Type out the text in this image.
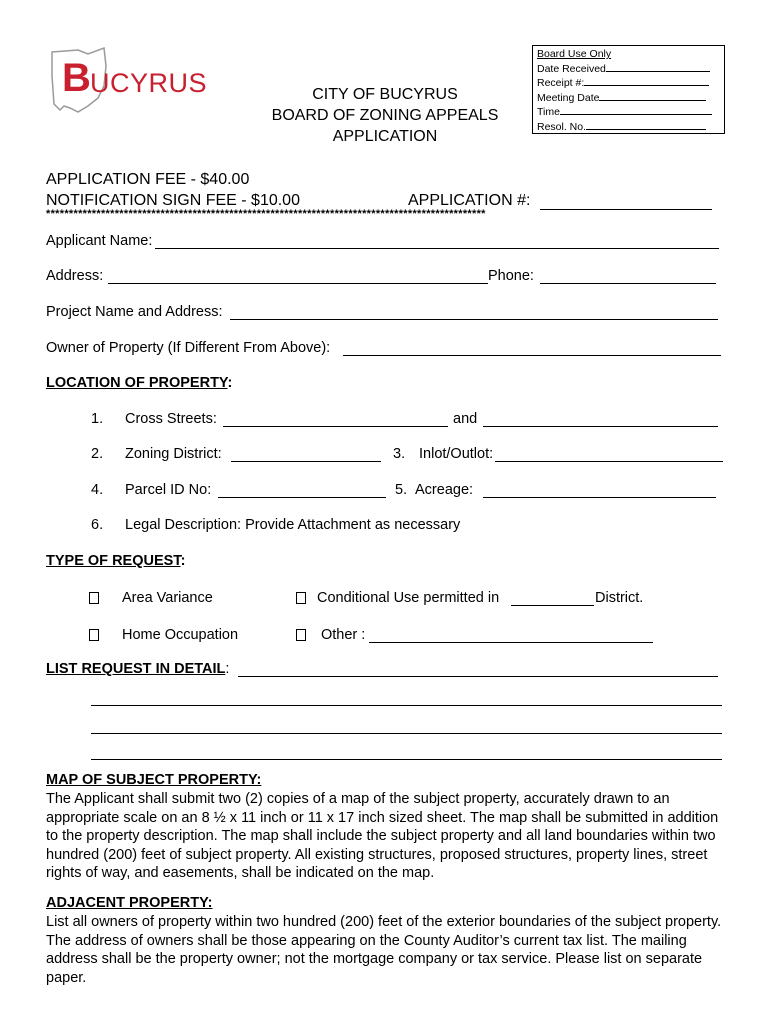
B UCYRUS	CITY OF BUCYRUS
BOARD OF ZONING APPEALS
APPLICATION
Board Use Only
Date Received
Receipt #:
Meeting Date
Time
Resol. No.
APPLICATION FEE - $40.00
NOTIFICATION SIGN FEE - $10.00	APPLICATION #:
************************************************************************************************
Applicant Name:
Address:	Phone:
Project Name and Address:
Owner of Property (If Different From Above):
LOCATION OF PROPERTY:
1. Cross Streets:	and
2. Zoning District:	3. Inlot/Outlot:
4. Parcel ID No:	5. Acreage:
6. Legal Description: Provide Attachment as necessary
TYPE OF REQUEST:
Area Variance	Conditional Use permitted in	District.
Home Occupation	Other :
LIST REQUEST IN DETAIL:
MAP OF SUBJECT PROPERTY:
The Applicant shall submit two (2) copies of a map of the subject property, accurately drawn to an appropriate scale on an 8 ½ x 11 inch or 11 x 17 inch sized sheet. The map shall be submitted in addition to the property description. The map shall include the subject property and all land boundaries within two hundred (200) feet of subject property. All existing structures, proposed structures, property lines, street rights of way, and easements, shall be indicated on the map.
ADJACENT PROPERTY:
List all owners of property within two hundred (200) feet of the exterior boundaries of the subject property. The address of owners shall be those appearing on the County Auditor’s current tax list. The mailing address shall be the property owner; not the mortgage company or tax service. Please list on separate paper.
